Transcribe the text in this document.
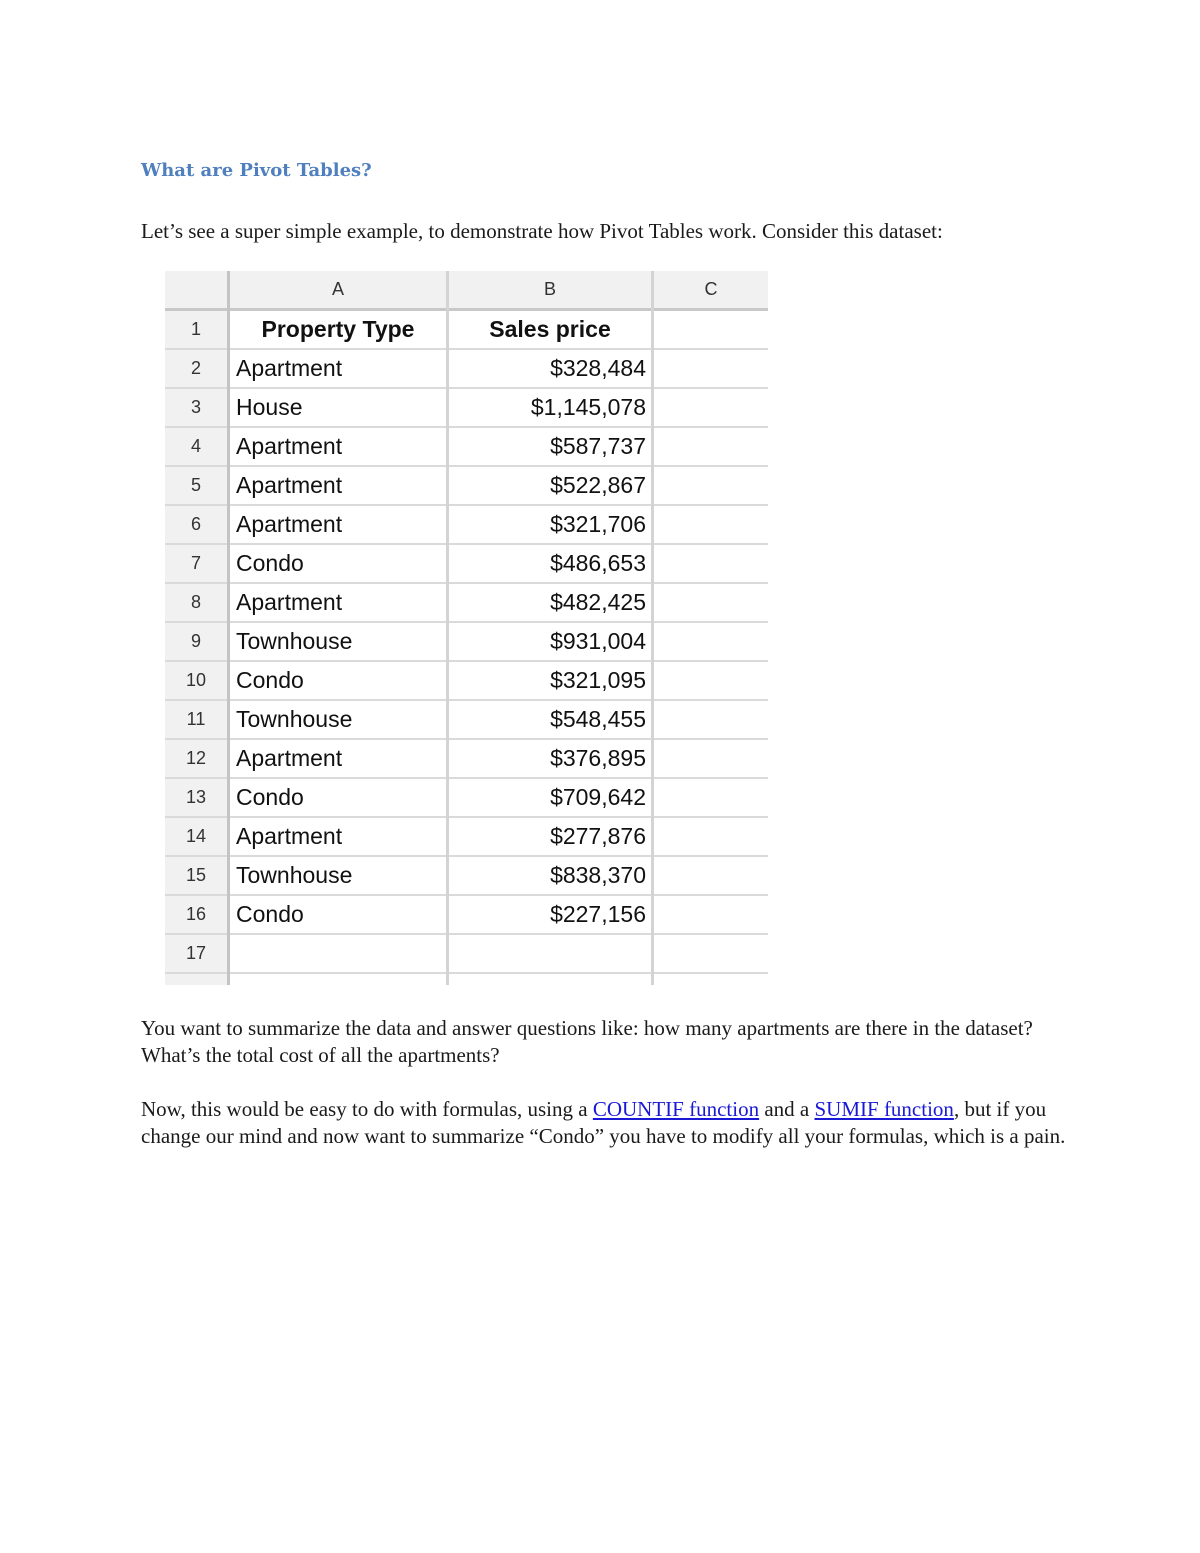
What are Pivot Tables?

Let’s see a super simple example, to demonstrate how Pivot Tables work. Consider this dataset:

A	B	C
1	Property Type	Sales price
2	Apartment	$328,484
3	House	$1,145,078
4	Apartment	$587,737
5	Apartment	$522,867
6	Apartment	$321,706
7	Condo	$486,653
8	Apartment	$482,425
9	Townhouse	$931,004
10	Condo	$321,095
11	Townhouse	$548,455
12	Apartment	$376,895
13	Condo	$709,642
14	Apartment	$277,876
15	Townhouse	$838,370
16	Condo	$227,156
17

You want to summarize the data and answer questions like: how many apartments are there in the dataset? What’s the total cost of all the apartments?

Now, this would be easy to do with formulas, using a COUNTIF function and a SUMIF function, but if you change our mind and now want to summarize “Condo” you have to modify all your formulas, which is a pain.
